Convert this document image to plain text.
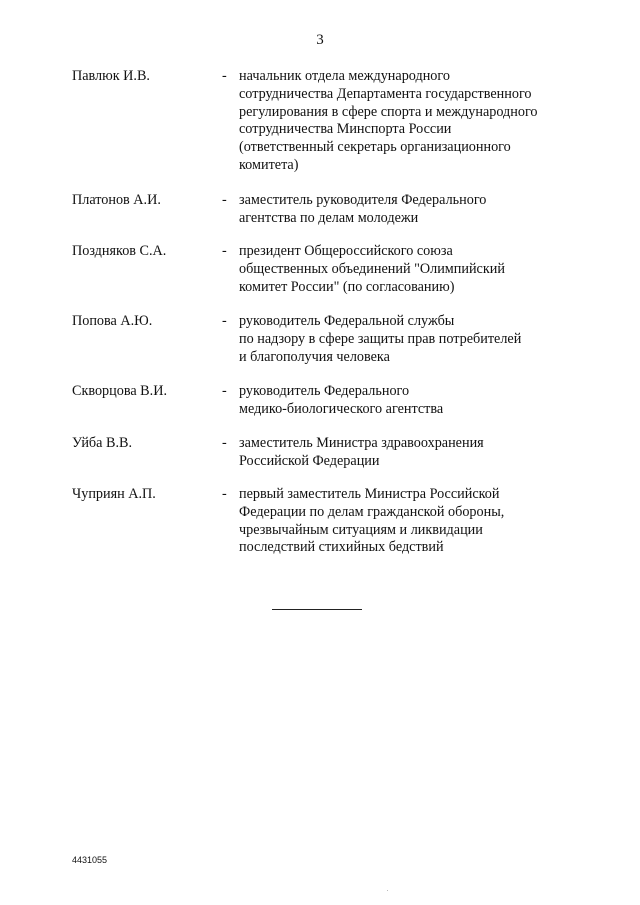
3
Павлюк И.В.	- начальник отдела международного
сотрудничества Департамента государственного
регулирования в сфере спорта и международного
сотрудничества Минспорта России
(ответственный секретарь организационного
комитета)
Платонов А.И.	- заместитель руководителя Федерального
агентства по делам молодежи
Поздняков С.А.	- президент Общероссийского союза
общественных объединений "Олимпийский
комитет России" (по согласованию)
Попова А.Ю.	- руководитель Федеральной службы
по надзору в сфере защиты прав потребителей
и благополучия человека
Скворцова В.И.	- руководитель Федерального
медико-биологического агентства
Уйба В.В.	- заместитель Министра здравоохранения
Российской Федерации
Чуприян А.П.	- первый заместитель Министра Российской
Федерации по делам гражданской обороны,
чрезвычайным ситуациям и ликвидации
последствий стихийных бедствий
4431055
